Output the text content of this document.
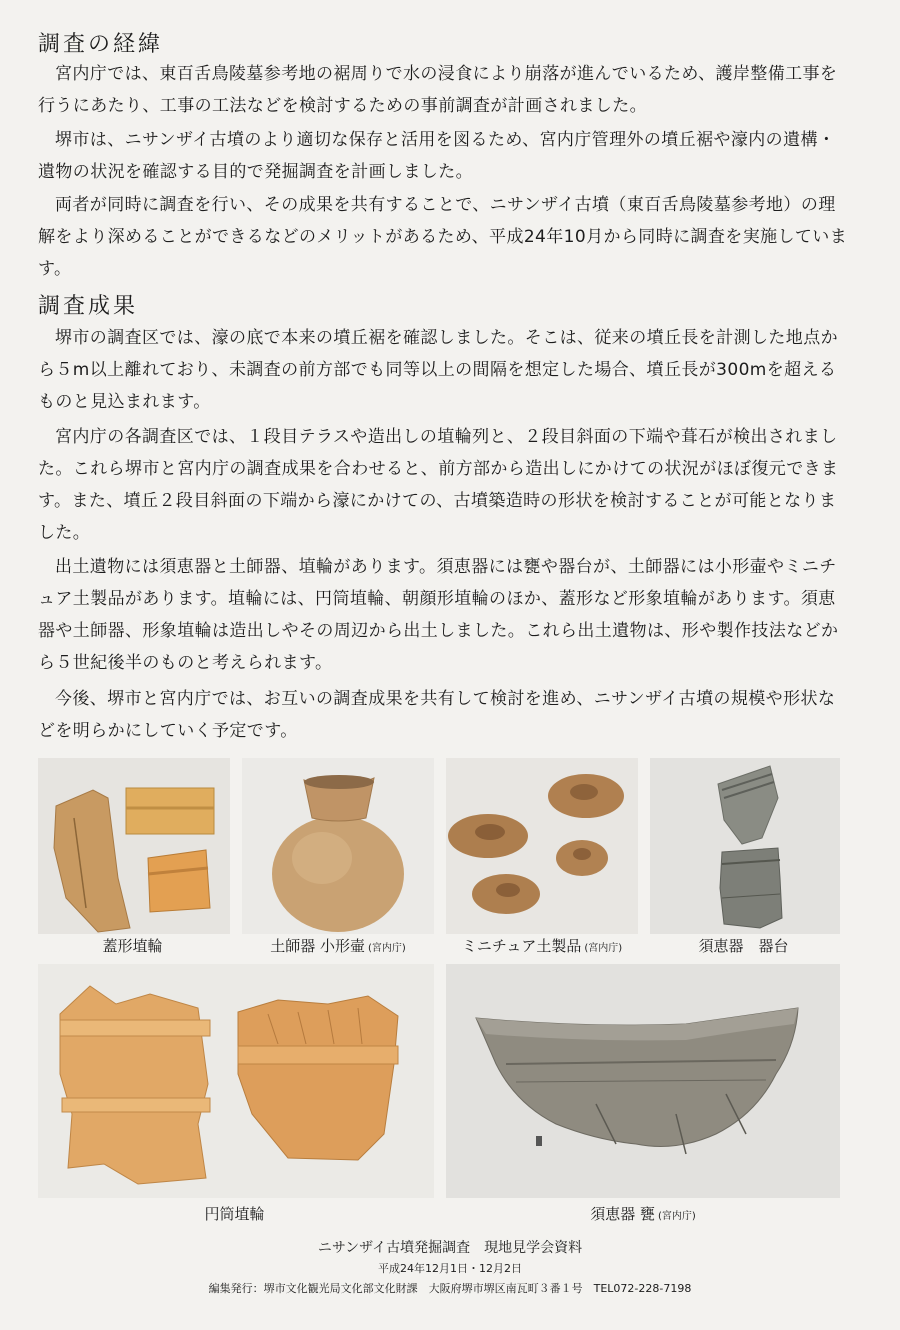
調査の経緯

宮内庁では、東百舌鳥陵墓参考地の裾周りで水の浸食により崩落が進んでいるため、護岸整備工事を行うにあたり、工事の工法などを検討するための事前調査が計画されました。

堺市は、ニサンザイ古墳のより適切な保存と活用を図るため、宮内庁管理外の墳丘裾や濠内の遺構・遺物の状況を確認する目的で発掘調査を計画しました。

両者が同時に調査を行い、その成果を共有することで、ニサンザイ古墳（東百舌鳥陵墓参考地）の理解をより深めることができるなどのメリットがあるため、平成24年10月から同時に調査を実施しています。

調査成果

堺市の調査区では、濠の底で本来の墳丘裾を確認しました。そこは、従来の墳丘長を計測した地点から５m以上離れており、未調査の前方部でも同等以上の間隔を想定した場合、墳丘長が300mを超えるものと見込まれます。

宮内庁の各調査区では、１段目テラスや造出しの埴輪列と、２段目斜面の下端や葺石が検出されました。これら堺市と宮内庁の調査成果を合わせると、前方部から造出しにかけての状況がほぼ復元できます。また、墳丘２段目斜面の下端から濠にかけての、古墳築造時の形状を検討することが可能となりました。

出土遺物には須恵器と土師器、埴輪があります。須恵器には甕や器台が、土師器には小形壷やミニチュア土製品があります。埴輪には、円筒埴輪、朝顔形埴輪のほか、蓋形など形象埴輪があります。須恵器や土師器、形象埴輪は造出しやその周辺から出土しました。これら出土遺物は、形や製作技法などから５世紀後半のものと考えられます。

今後、堺市と宮内庁では、お互いの調査成果を共有して検討を進め、ニサンザイ古墳の規模や形状などを明らかにしていく予定です。

蓋形埴輪	土師器 小形壷 (宮内庁)	ミニチュア土製品 (宮内庁)	須恵器　器台
円筒埴輪	須恵器 甕 (宮内庁)
ニサンザイ古墳発掘調査　現地見学会資料
平成24年12月1日・12月2日
編集発行：堺市文化観光局文化部文化財課　大阪府堺市堺区南瓦町３番１号　TEL072-228-7198
